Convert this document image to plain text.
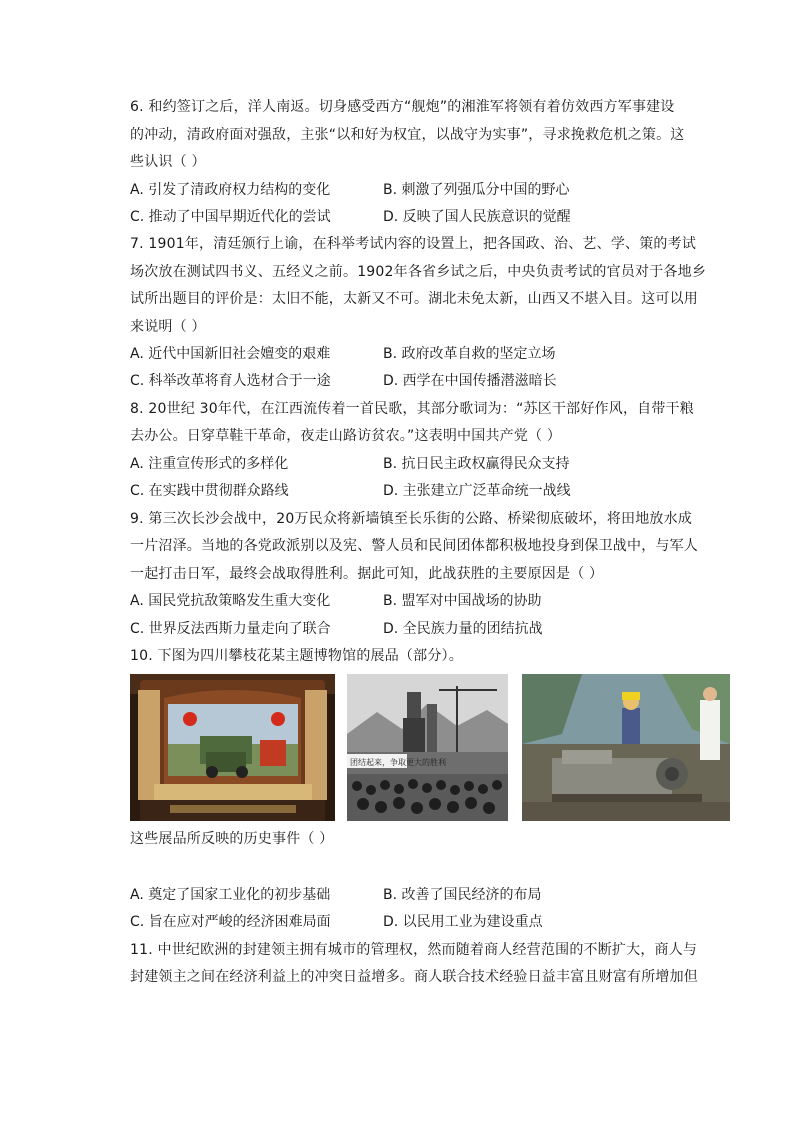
6. 和约签订之后，洋人南返。切身感受西方“舰炮”的湘淮军将领有着仿效西方军事建设
的冲动，清政府面对强敌，主张“以和好为权宜，以战守为实事”，寻求挽救危机之策。这
些认识（ ）
A. 引发了清政府权力结构的变化	B. 刺激了列强瓜分中国的野心
C. 推动了中国早期近代化的尝试	D. 反映了国人民族意识的觉醒
7. 1901年，清廷颁行上谕，在科举考试内容的设置上，把各国政、治、艺、学、策的考试
场次放在测试四书义、五经义之前。1902年各省乡试之后，中央负责考试的官员对于各地乡
试所出题目的评价是：太旧不能，太新又不可。湖北未免太新，山西又不堪入目。这可以用
来说明（ ）
A. 近代中国新旧社会嬗变的艰难	B. 政府改革自救的坚定立场
C. 科举改革将育人选材合于一途	D. 西学在中国传播潜滋暗长
8. 20世纪 30年代，在江西流传着一首民歌，其部分歌词为：“苏区干部好作风，自带干粮
去办公。日穿草鞋干革命，夜走山路访贫农。”这表明中国共产党（ ）
A. 注重宣传形式的多样化	B. 抗日民主政权赢得民众支持
C. 在实践中贯彻群众路线	D. 主张建立广泛革命统一战线
9. 第三次长沙会战中，20万民众将新墙镇至长乐街的公路、桥梁彻底破坏，将田地放水成
一片沼泽。当地的各党政派别以及宪、警人员和民间团体都积极地投身到保卫战中，与军人
一起打击日军，最终会战取得胜利。据此可知，此战获胜的主要原因是（ ）
A. 国民党抗敌策略发生重大变化	B. 盟军对中国战场的协助
C. 世界反法西斯力量走向了联合	D. 全民族力量的团结抗战
10. 下图为四川攀枝花某主题博物馆的展品（部分）。
团结起来，争取更大的胜利
这些展品所反映的历史事件（ ）
A. 奠定了国家工业化的初步基础	B. 改善了国民经济的布局
C. 旨在应对严峻的经济困难局面	D. 以民用工业为建设重点
11. 中世纪欧洲的封建领主拥有城市的管理权，然而随着商人经营范围的不断扩大，商人与
封建领主之间在经济利益上的冲突日益增多。商人联合技术经验日益丰富且财富有所增加但
